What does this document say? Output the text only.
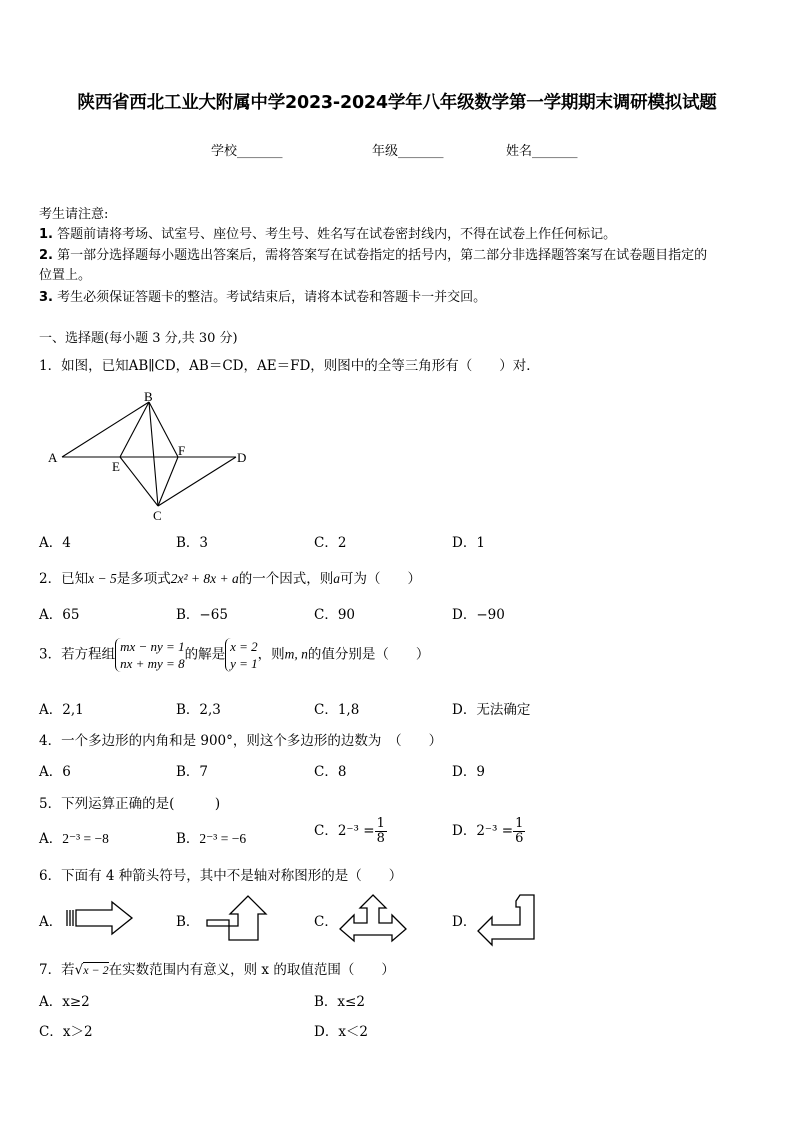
陕西省西北工业大附属中学2023-2024学年八年级数学第一学期期末调研模拟试题
学校_______	年级_______	姓名_______
考生请注意:
1. 答题前请将考场、试室号、座位号、考生号、姓名写在试卷密封线内，不得在试卷上作任何标记。
2. 第一部分选择题每小题选出答案后，需将答案写在试卷指定的括号内，第二部分非选择题答案写在试卷题目指定的
位置上。
3. 考生必须保证答题卡的整洁。考试结束后，请将本试卷和答题卡一并交回。
一、选择题(每小题 3 分,共 30 分)
1．如图，已知AB∥CD，AB＝CD，AE＝FD，则图中的全等三角形有（　　）对．
A
B
C
D
E
F
A．4	B．3	C．2	D．1
2．已知x − 5是多项式2x² + 8x + a的一个因式，则a可为（　　）
A．65	B．−65	C．90	D．−90
3．若方程组 mx − ny = 1
nx + my = 8
的解是 x = 2
y = 1
，则m, n的值分别是（　　）
A．2,1	B．2,3	C．1,8	D．无法确定
4．一个多边形的内角和是 900°，则这个多边形的边数为　（　　）
A．6	B．7	C．8	D．9
5．下列运算正确的是(　　　)
A．2⁻³ = −8	B．2⁻³ = −6	C．$2^{-3} = \frac{1}{8}$	D．$2^{-3} = \frac{1}{6}$
6．下面有 4 种箭头符号，其中不是轴对称图形的是（　　）
A．	B．	C．	D．
7．若√x − 2在实数范围内有意义，则 x 的取值范围（　　）
A．x≥2	B．x≤2
C．x＞2	D．x＜2
